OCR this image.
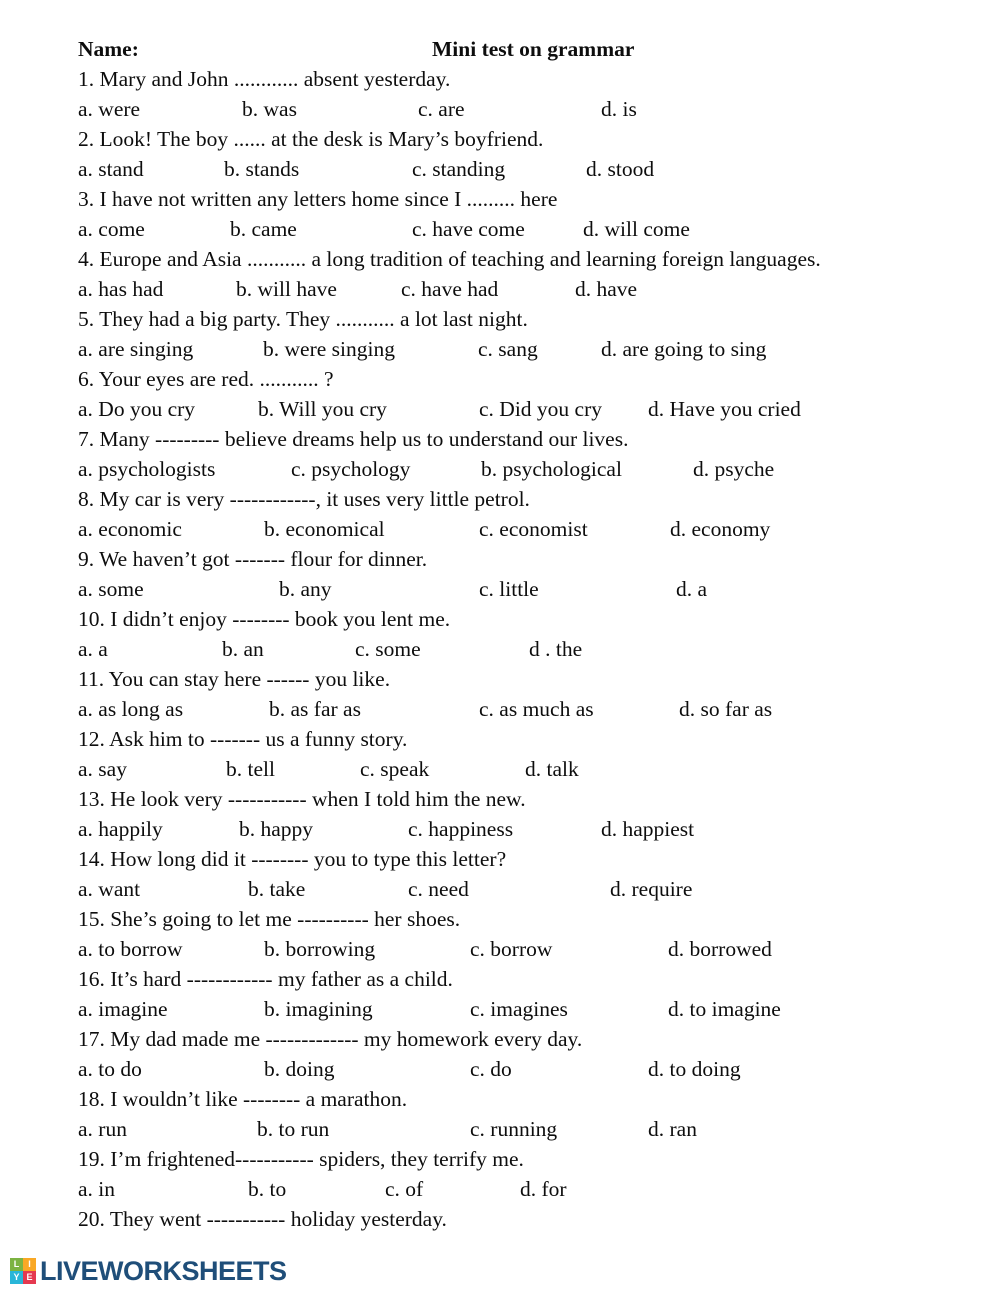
Name:	Mini test on grammar
1. Mary and John ............ absent yesterday.
a. were	b. was	c. are	d. is
2. Look! The boy ...... at the desk is Mary’s boyfriend.
a. stand	b. stands	c. standing	d. stood
3. I have not written any letters home since I ......... here
a. come	b. came	c. have come	d. will come
4. Europe and Asia ........... a long tradition of teaching and learning foreign languages.
a. has had	b. will have	c. have had	d. have
5. They had a big party. They ........... a lot last night.
a. are singing	b. were singing	c. sang	d. are going to sing
6. Your eyes are red. ........... ?
a. Do you cry	b. Will you cry	c. Did you cry d. Have you cried
7. Many --------- believe dreams help us to understand our lives.
a. psychologists	c. psychology	b. psychological	d. psyche
8. My car is very ------------, it uses very little petrol.
a. economic	b. economical	c. economist	d. economy
9. We haven’t got ------- flour for dinner.
a. some	b. any	c. little	d. a
10. I didn’t enjoy -------- book you lent me.
a. a	b. an	c. some	d . the
11. You can stay here ------ you like.
a. as long as	b. as far as	c. as much as	d. so far as
12. Ask him to ------- us a funny story.
a. say	b. tell	c. speak	d. talk
13. He look very ----------- when I told him the new.
a. happily	b. happy	c. happiness	d. happiest
14. How long did it -------- you to type this letter?
a. want	b. take	c. need	d. require
15. She’s going to let me ---------- her shoes.
a. to borrow	b. borrowing	c. borrow	d. borrowed
16. It’s hard ------------ my father as a child.
a. imagine	b. imagining	c. imagines	d. to imagine
17. My dad made me ------------- my homework every day.
a. to do	b. doing	c. do	d. to doing
18. I wouldn’t like -------- a marathon.
a. run	b. to run	c. running	d. ran
19. I’m frightened----------- spiders, they terrify me.
a. in	b. to	c. of	d. for
20. They went ----------- holiday yesterday.
L I
Y E LIVEWORKSHEETS
